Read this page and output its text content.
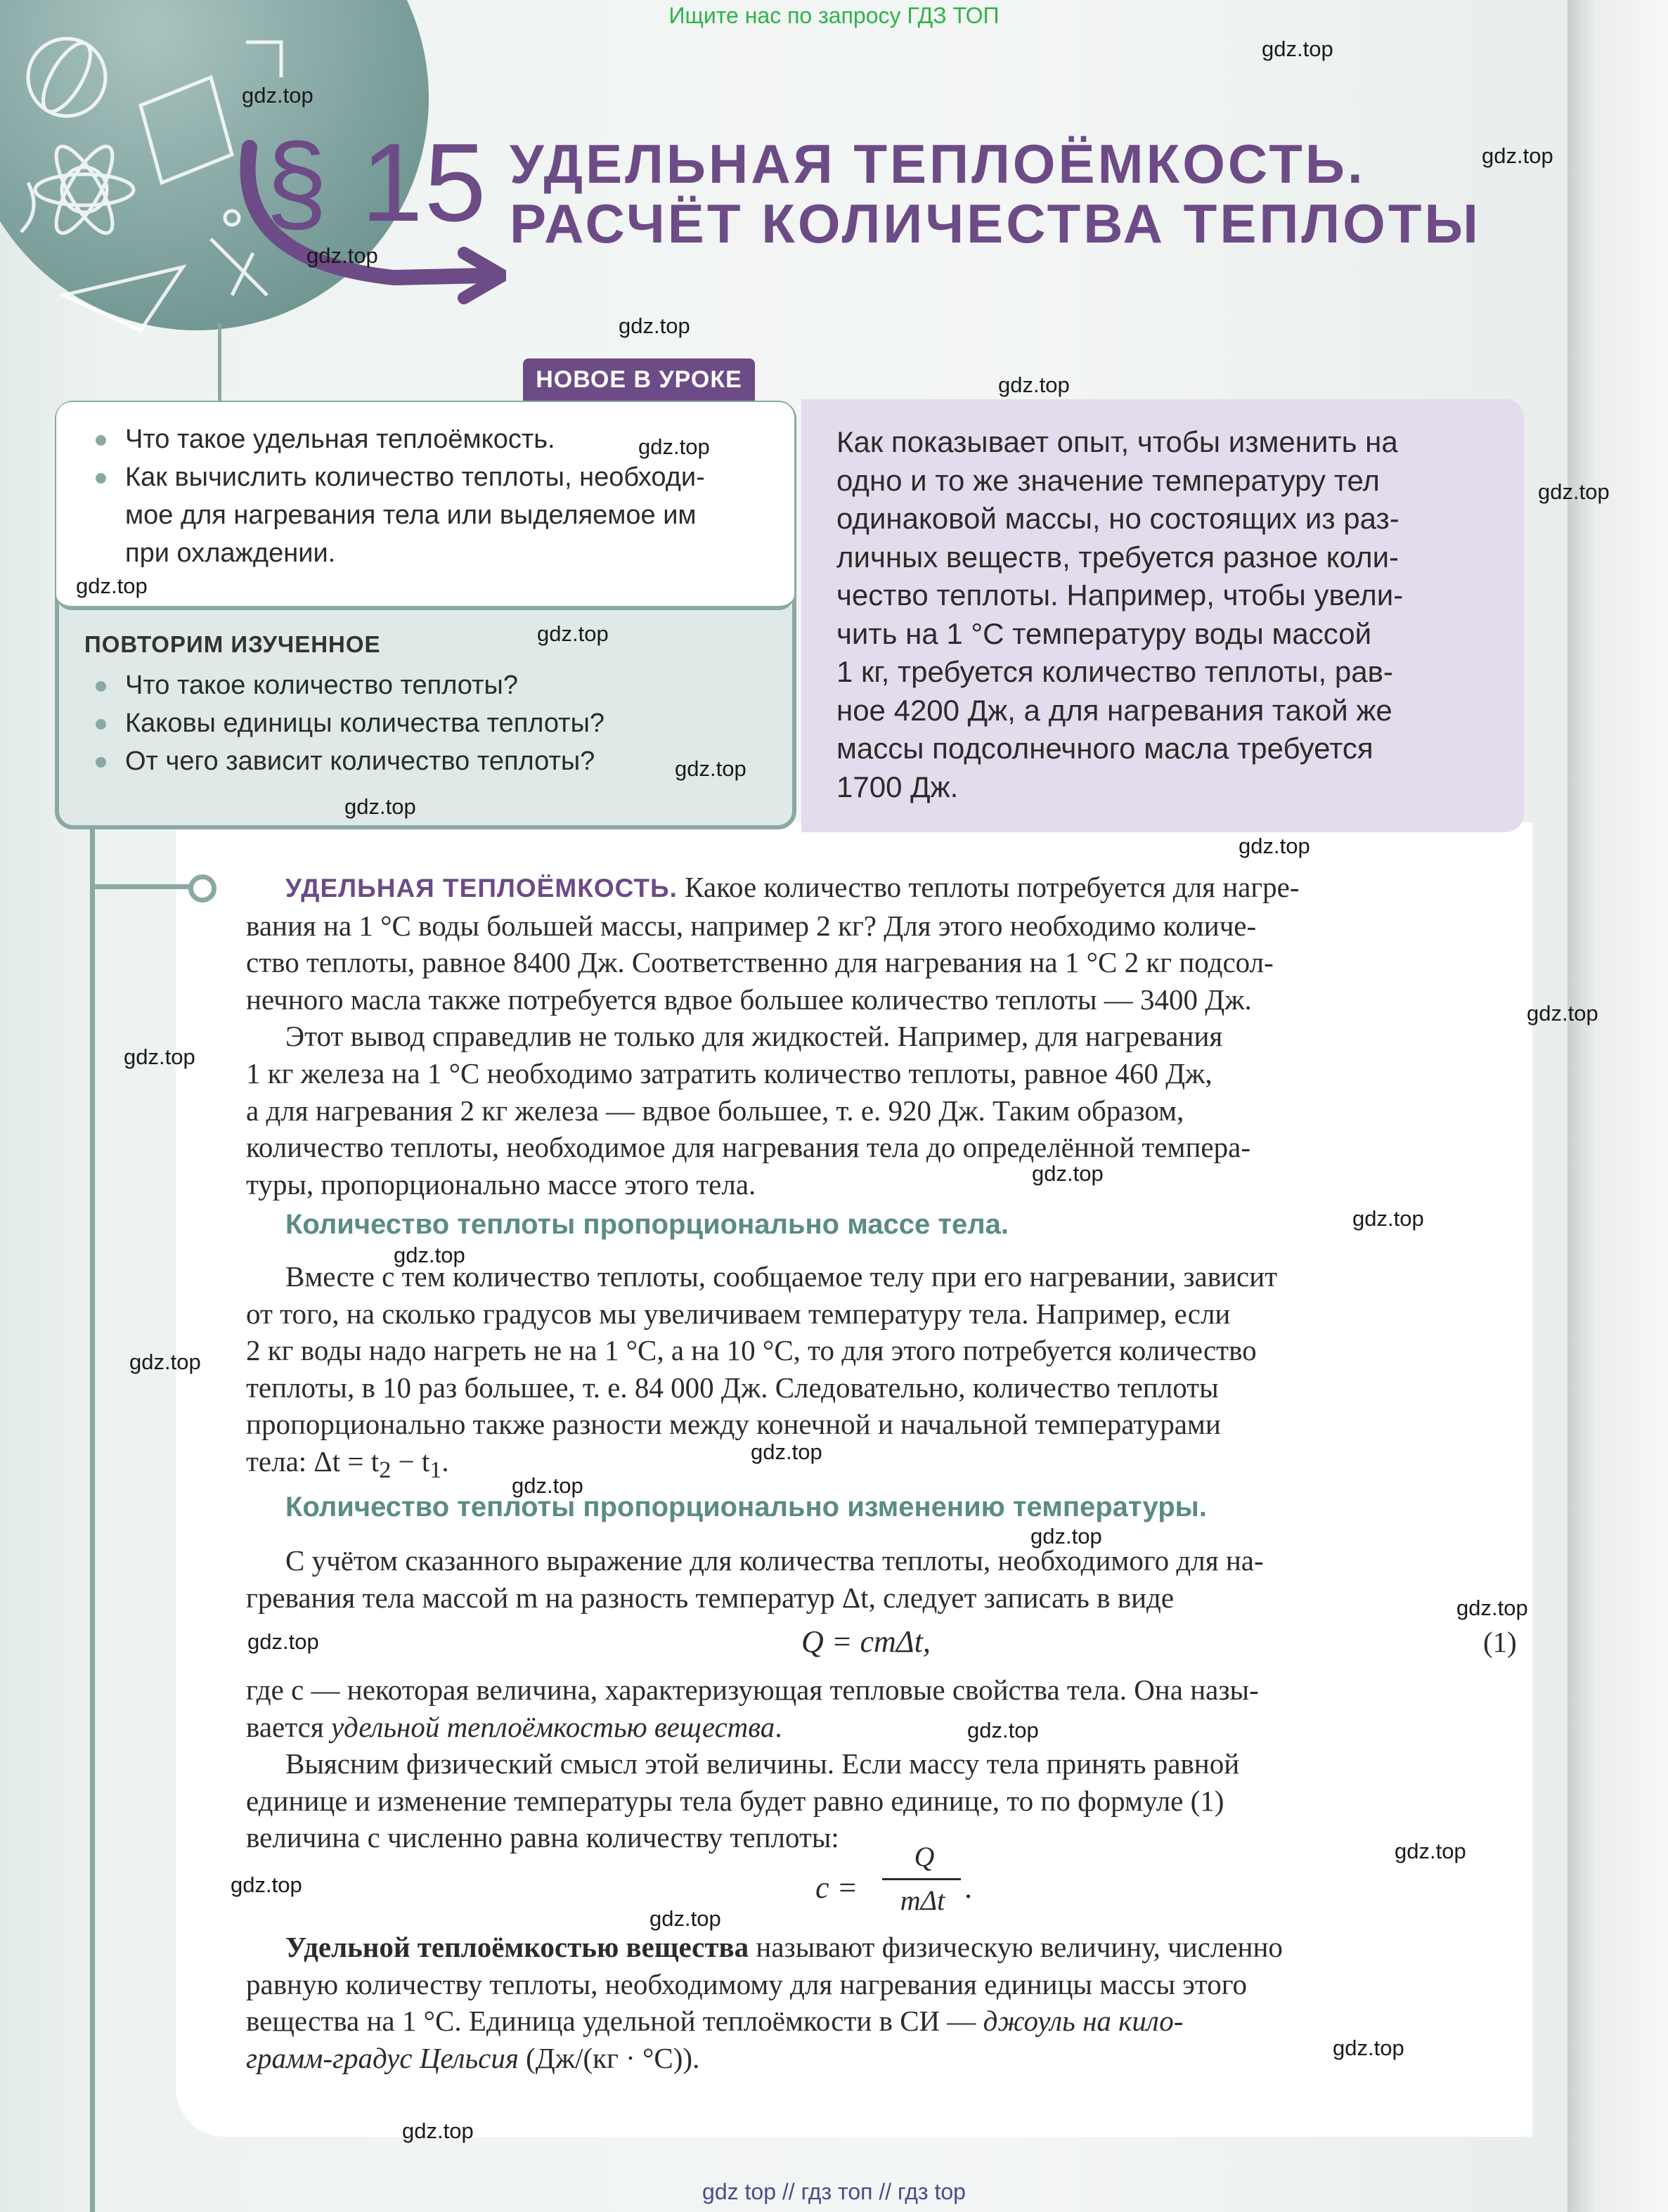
Ищите нас по запросу ГДЗ ТОП
gdz top // гдз топ // гдз top
§ 15 УДЕЛЬНАЯ ТЕПЛОЁМКОСТЬ.
РАСЧЁТ КОЛИЧЕСТВА ТЕПЛОТЫ
НОВОЕ В УРОКЕ
Что такое удельная теплоёмкость.
Как вычислить количество теплоты, необходи-
мое для нагревания тела или выделяемое им
при охлаждении.
ПОВТОРИМ ИЗУЧЕННОЕ
Что такое количество теплоты?
Каковы единицы количества теплоты?
От чего зависит количество теплоты?
Как показывает опыт, чтобы изменить на
одно и то же значение температуру тел
одинаковой массы, но состоящих из раз-
личных веществ, требуется разное коли-
чество теплоты. Например, чтобы увели-
чить на 1 °С температуру воды массой
1 кг, требуется количество теплоты, рав-
ное 4200 Дж, а для нагревания такой же
массы подсолнечного масла требуется
1700 Дж.
УДЕЛЬНАЯ ТЕПЛОЁМКОСТЬ. Какое количество теплоты потребуется для нагре-
вания на 1 °С воды большей массы, например 2 кг? Для этого необходимо количе-
ство теплоты, равное 8400 Дж. Соответственно для нагревания на 1 °С 2 кг подсол-
нечного масла также потребуется вдвое большее количество теплоты — 3400 Дж.
Этот вывод справедлив не только для жидкостей. Например, для нагревания
1 кг железа на 1 °С необходимо затратить количество теплоты, равное 460 Дж,
а для нагревания 2 кг железа — вдвое большее, т. е. 920 Дж. Таким образом,
количество теплоты, необходимое для нагревания тела до определённой темпера-
туры, пропорционально массе этого тела.
Количество теплоты пропорционально массе тела.
Вместе с тем количество теплоты, сообщаемое телу при его нагревании, зависит
от того, на сколько градусов мы увеличиваем температуру тела. Например, если
2 кг воды надо нагреть не на 1 °С, а на 10 °С, то для этого потребуется количество
теплоты, в 10 раз большее, т. е. 84 000 Дж. Следовательно, количество теплоты
пропорционально также разности между конечной и начальной температурами
тела: $\Delta t = t_2 - t_1$.
Количество теплоты пропорционально изменению температуры.
С учётом сказанного выражение для количества теплоты, необходимого для на-
гревания тела массой m на разность температур Δt, следует записать в виде
Q = cmΔt,	(1)
где c — некоторая величина, характеризующая тепловые свойства тела. Она назы-
вается удельной теплоёмкостью вещества.
Выясним физический смысл этой величины. Если массу тела принять равной
единице и изменение температуры тела будет равно единице, то по формуле (1)
величина c численно равна количеству теплоты:
c =
Q
mΔt .
Удельной теплоёмкостью вещества называют физическую величину, численно
равную количеству теплоты, необходимому для нагревания единицы массы этого
вещества на 1 °С. Единица удельной теплоёмкости в СИ — джоуль на кило-
грамм-градус Цельсия (Дж/(кг · °С)).
gdz.top
gdz.top
gdz.top
gdz.top
gdz.top
gdz.top
gdz.top
gdz.top
gdz.top
gdz.top
gdz.top
gdz.top
gdz.top
gdz.top
gdz.top
gdz.top
gdz.top
gdz.top
gdz.top
gdz.top
gdz.top
gdz.top
gdz.top
gdz.top
gdz.top
gdz.top
gdz.top
gdz.top
gdz.top
gdz.top
